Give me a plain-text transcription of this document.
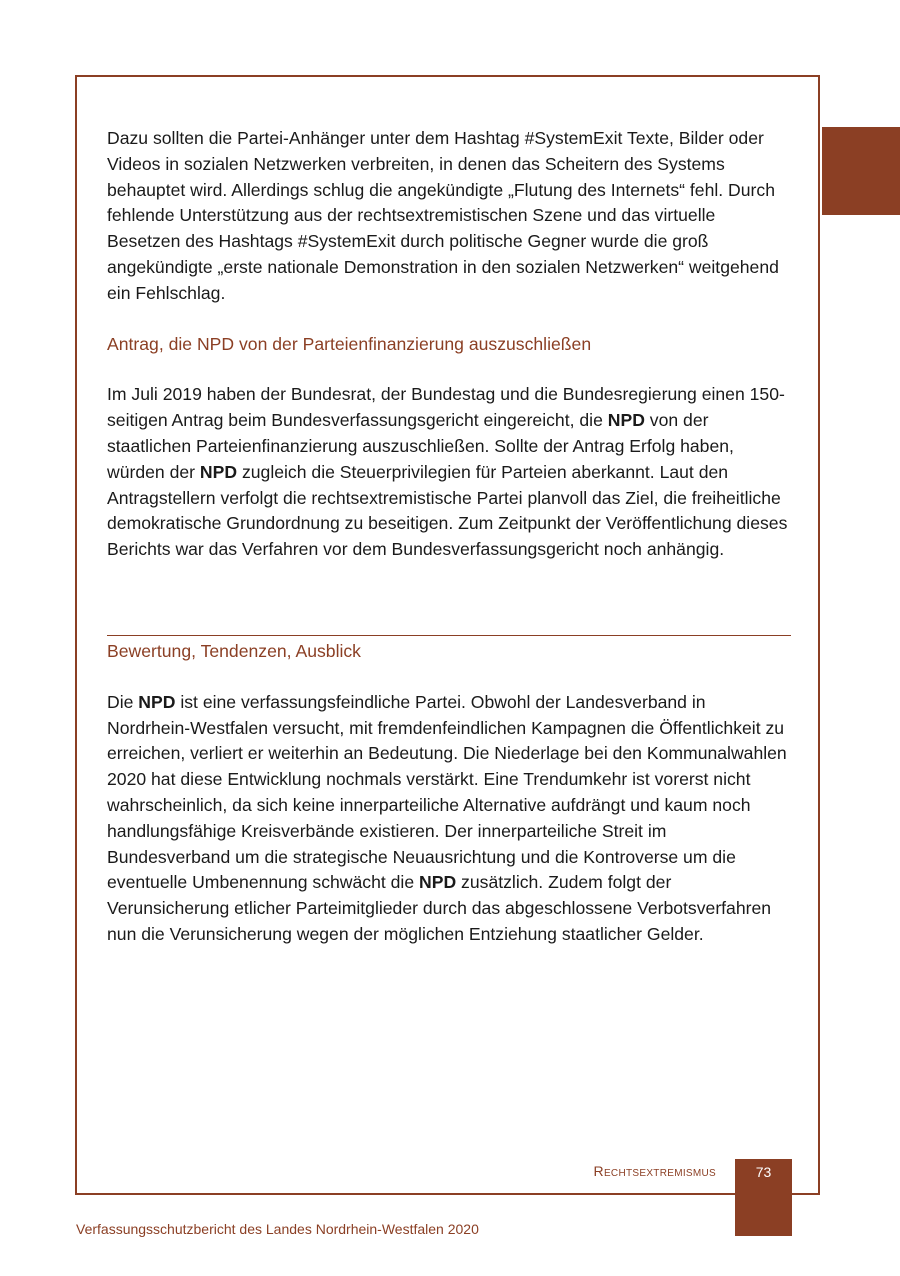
Dazu sollten die Partei-Anhänger unter dem Hashtag #SystemExit Texte, Bilder oder Videos in sozialen Netzwerken verbreiten, in denen das Scheitern des Systems behauptet wird. Allerdings schlug die angekündigte „Flutung des Internets“ fehl. Durch fehlende Unterstützung aus der rechtsextremistischen Szene und das virtuelle Besetzen des Hashtags #SystemExit durch politische Gegner wurde die groß angekündigte „erste nationale Demonstration in den sozialen Netzwerken“ weitgehend ein Fehlschlag.

Antrag, die NPD von der Parteienfinanzierung auszuschließen

Im Juli 2019 haben der Bundesrat, der Bundestag und die Bundesregierung einen 150-seitigen Antrag beim Bundesverfassungsgericht eingereicht, die NPD von der staatlichen Parteienfinanzierung auszuschließen. Sollte der Antrag Erfolg haben, würden der NPD zugleich die Steuerprivilegien für Parteien aberkannt. Laut den Antragstellern verfolgt die rechtsextremistische Partei planvoll das Ziel, die freiheitliche demokratische Grundordnung zu beseitigen. Zum Zeitpunkt der Veröffentlichung dieses Berichts war das Verfahren vor dem Bundesverfassungsgericht noch anhängig.

Bewertung, Tendenzen, Ausblick

Die NPD ist eine verfassungsfeindliche Partei. Obwohl der Landesverband in Nordrhein-Westfalen versucht, mit fremdenfeindlichen Kampagnen die Öffentlichkeit zu erreichen, verliert er weiterhin an Bedeutung. Die Niederlage bei den Kommunalwahlen 2020 hat diese Entwicklung nochmals verstärkt. Eine Trendumkehr ist vorerst nicht wahrscheinlich, da sich keine innerparteiliche Alternative aufdrängt und kaum noch handlungsfähige Kreisverbände existieren. Der innerparteiliche Streit im Bundesverband um die strategische Neuausrichtung und die Kontroverse um die eventuelle Umbenennung schwächt die NPD zusätzlich. Zudem folgt der Verunsicherung etlicher Parteimitglieder durch das abgeschlossene Verbotsverfahren nun die Verunsicherung wegen der möglichen Entziehung staatlicher Gelder.

Rechtsextremismus	73
Verfassungsschutzbericht des Landes Nordrhein-Westfalen 2020
